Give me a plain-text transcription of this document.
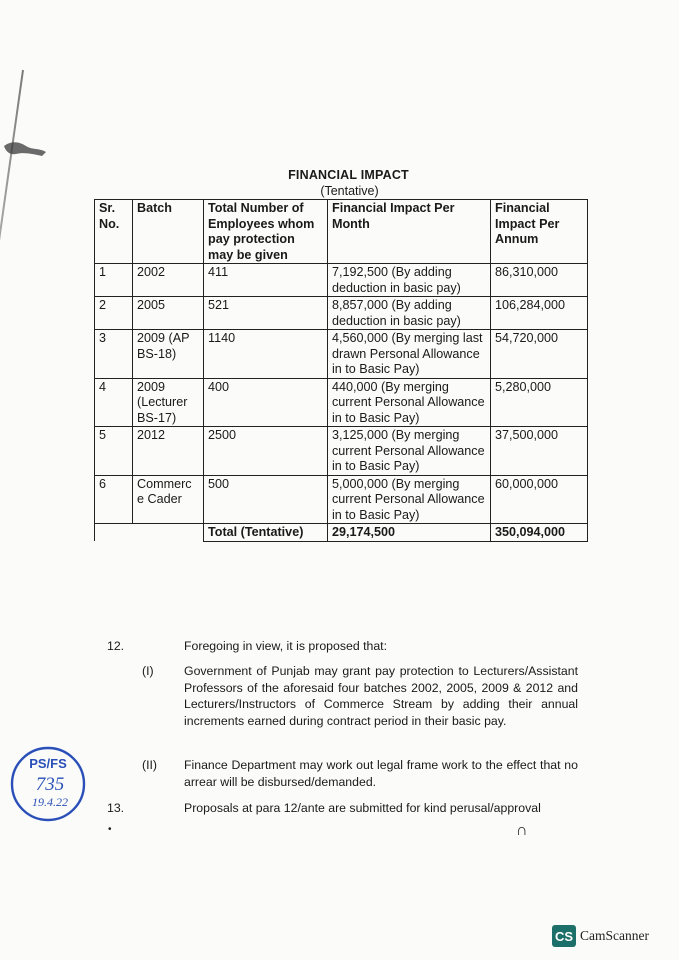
FINANCIAL IMPACT
(Tentative)
Sr. No.	Batch	Total Number of Employees whom pay protection may be given	Financial Impact Per Month	Financial Impact Per Annum
1	2002	411	7,192,500 (By adding deduction in basic pay)	86,310,000
2	2005	521	8,857,000 (By adding deduction in basic pay)	106,284,000
3	2009 (AP BS-18)	1140	4,560,000 (By merging last drawn Personal Allowance in to Basic Pay)	54,720,000
4	2009 (Lecturer BS-17)	400	440,000 (By merging current Personal Allowance in to Basic Pay)	5,280,000
5	2012	2500	3,125,000 (By merging current Personal Allowance in to Basic Pay)	37,500,000
6	Commerc e Cader	500	5,000,000 (By merging current Personal Allowance in to Basic Pay)	60,000,000
		Total (Tentative)	29,174,500	350,094,000
12.	Foregoing in view, it is proposed that:
(I) Government of Punjab may grant pay protection to Lecturers/Assistant Professors of the aforesaid four batches 2002, 2005, 2009 & 2012 and Lecturers/Instructors of Commerce Stream by adding their annual increments earned during contract period in their basic pay.
(II) Finance Department may work out legal frame work to the effect that no arrear will be disbursed/demanded.
13.	Proposals at para 12/ante are submitted for kind perusal/approval
•	∩
PS/FS
735
19.4.22
CS CamScanner
